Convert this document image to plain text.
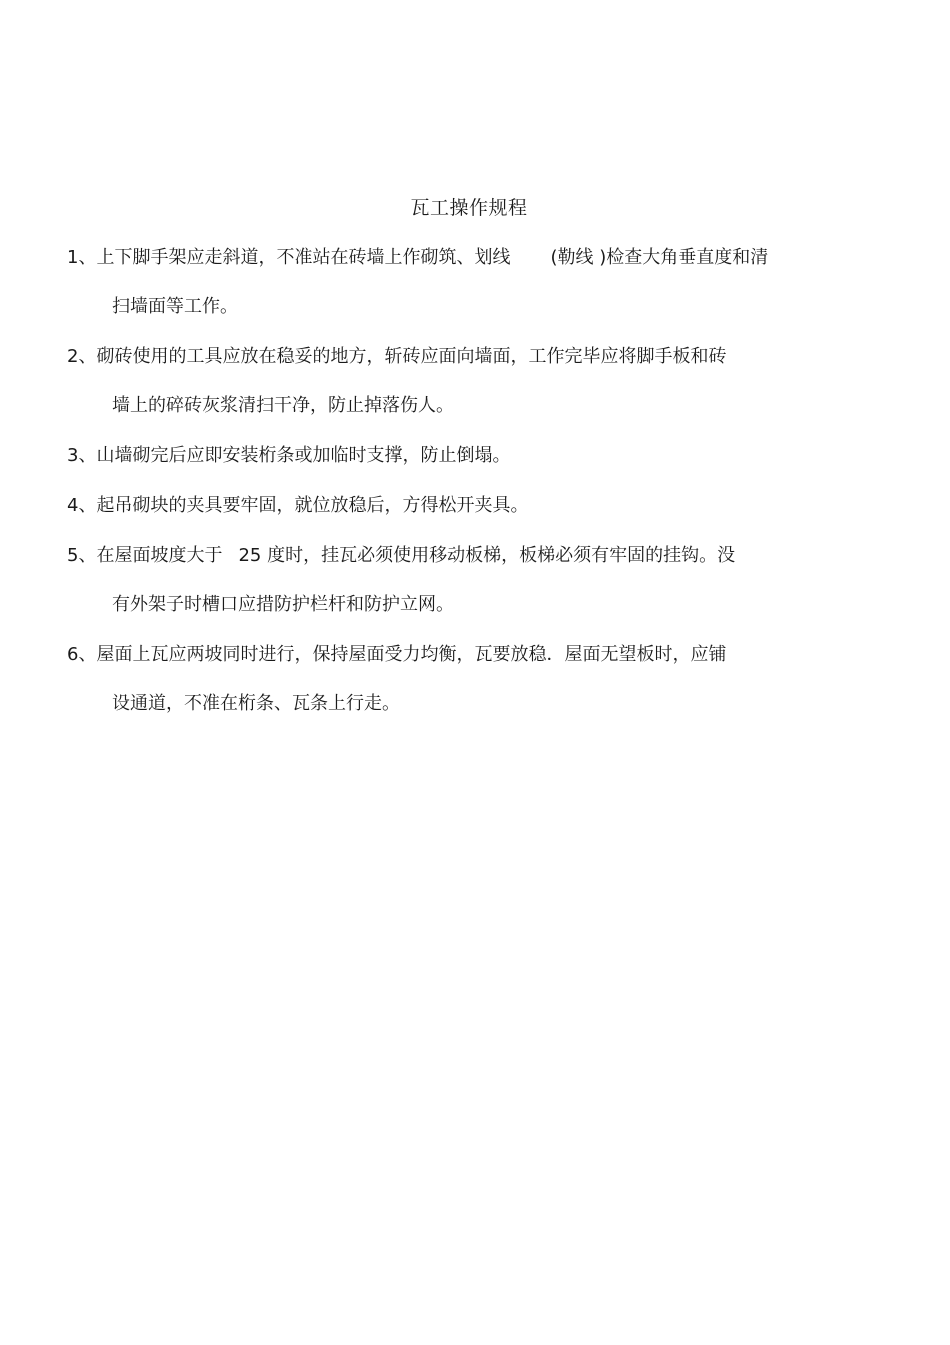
瓦工操作规程
1、上下脚手架应走斜道，不准站在砖墙上作砌筑、划线 (勒线 )检查大角垂直度和清
扫墙面等工作。
2、砌砖使用的工具应放在稳妥的地方，斩砖应面向墙面，工作完毕应将脚手板和砖
墙上的碎砖灰浆清扫干净，防止掉落伤人。
3、山墙砌完后应即安装桁条或加临时支撑，防止倒塌。
4、起吊砌块的夹具要牢固，就位放稳后，方得松开夹具。
5、在屋面坡度大于 25 度时，挂瓦必须使用移动板梯，板梯必须有牢固的挂钩。没
有外架子时槽口应措防护栏杆和防护立网。
6、屋面上瓦应两坡同时进行，保持屋面受力均衡，瓦要放稳．屋面无望板时，应铺
设通道，不准在桁条、瓦条上行走。
